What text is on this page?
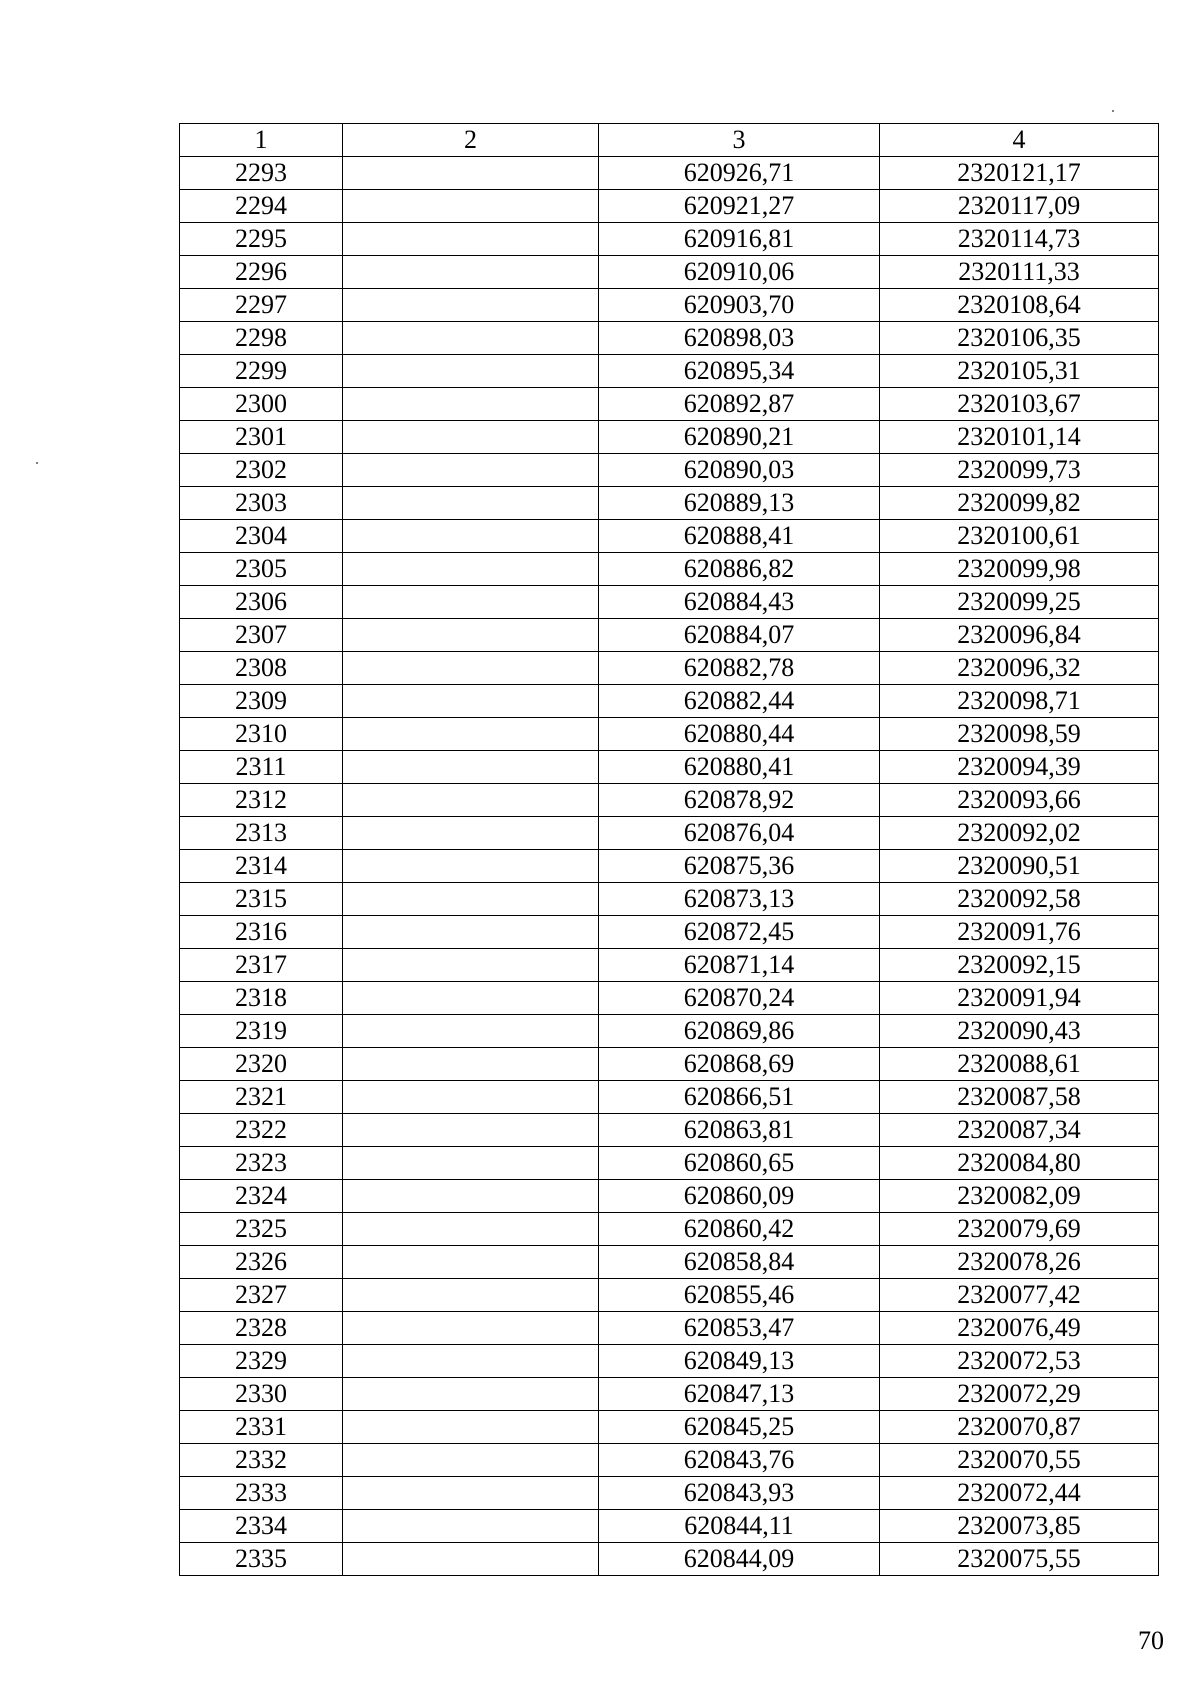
1	2	3	4
2293		620926,71	2320121,17
2294		620921,27	2320117,09
2295		620916,81	2320114,73
2296		620910,06	2320111,33
2297		620903,70	2320108,64
2298		620898,03	2320106,35
2299		620895,34	2320105,31
2300		620892,87	2320103,67
2301		620890,21	2320101,14
2302		620890,03	2320099,73
2303		620889,13	2320099,82
2304		620888,41	2320100,61
2305		620886,82	2320099,98
2306		620884,43	2320099,25
2307		620884,07	2320096,84
2308		620882,78	2320096,32
2309		620882,44	2320098,71
2310		620880,44	2320098,59
2311		620880,41	2320094,39
2312		620878,92	2320093,66
2313		620876,04	2320092,02
2314		620875,36	2320090,51
2315		620873,13	2320092,58
2316		620872,45	2320091,76
2317		620871,14	2320092,15
2318		620870,24	2320091,94
2319		620869,86	2320090,43
2320		620868,69	2320088,61
2321		620866,51	2320087,58
2322		620863,81	2320087,34
2323		620860,65	2320084,80
2324		620860,09	2320082,09
2325		620860,42	2320079,69
2326		620858,84	2320078,26
2327		620855,46	2320077,42
2328		620853,47	2320076,49
2329		620849,13	2320072,53
2330		620847,13	2320072,29
2331		620845,25	2320070,87
2332		620843,76	2320070,55
2333		620843,93	2320072,44
2334		620844,11	2320073,85
2335		620844,09	2320075,55
70
